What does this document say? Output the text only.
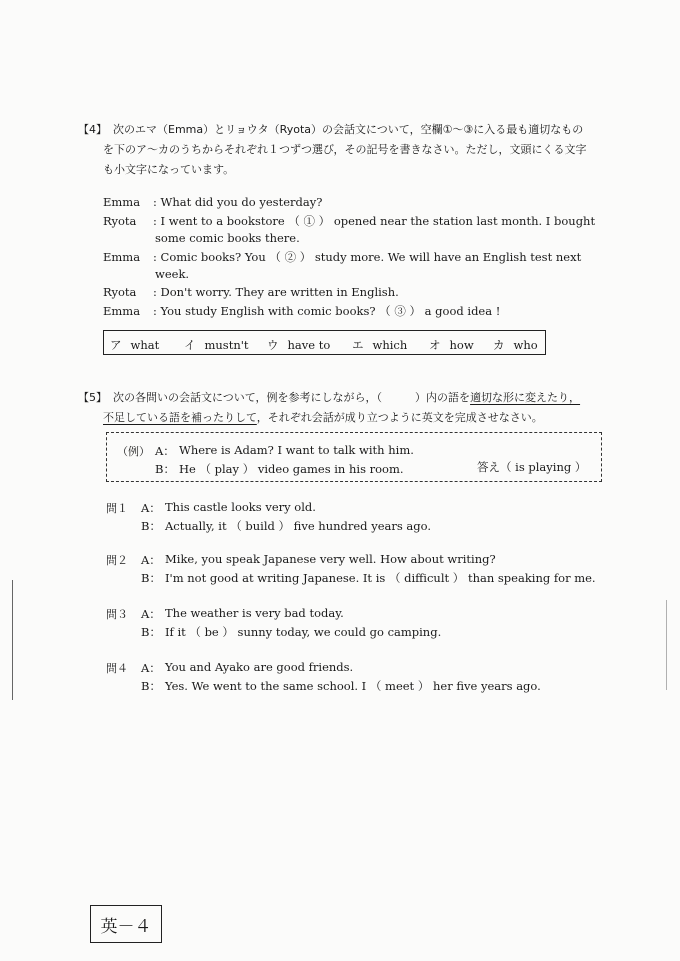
【4】 次のエマ（Emma）とリョウタ（Ryota）の会話文について，空欄①～③に入る最も適切なもの
を下のア～カのうちからそれぞれ１つずつ選び，その記号を書きなさい。ただし，文頭にくる文字
も小文字になっています。
Emma : What did you do yesterday?
Ryota : I went to a bookstore （ ① ） opened near the station last month. I bought
some comic books there.
Emma : Comic books? You （ ② ） study more. We will have an English test next
week.
Ryota : Don't worry. They are written in English.
Emma : You study English with comic books? （ ③ ） a good idea !
ア what イ mustn't ウ have to エ which オ how カ who
【5】 次の各問いの会話文について，例を参考にしながら，（　　　）内の語を適切な形に変えたり，
不足している語を補ったりして，それぞれ会話が成り立つように英文を完成させなさい。
（例） A： Where is Adam? I want to talk with him.
B： He （ play ） video games in his room.	答え（ is playing ）
問１ A： This castle looks very old.
B： Actually, it （ build ） five hundred years ago.
問２ A： Mike, you speak Japanese very well. How about writing?
B： I'm not good at writing Japanese. It is （ difficult ） than speaking for me.
問３ A： The weather is very bad today.
B： If it （ be ） sunny today, we could go camping.
問４ A： You and Ayako are good friends.
B： Yes. We went to the same school. I （ meet ） her five years ago.
英－４
